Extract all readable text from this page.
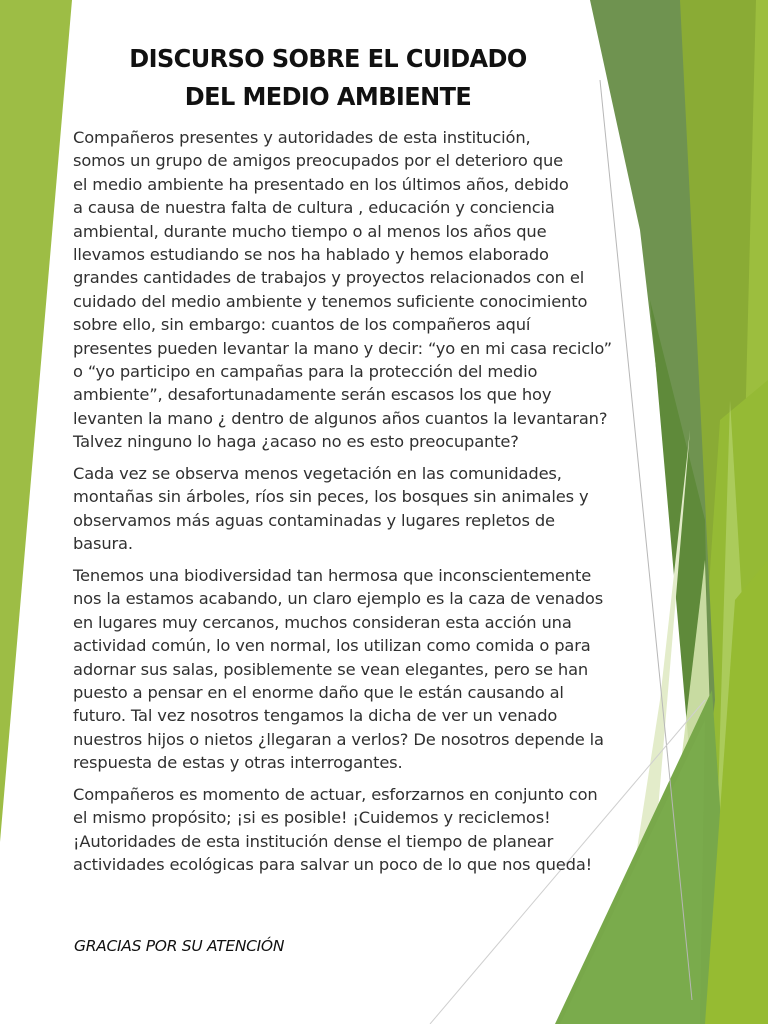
DISCURSO SOBRE EL CUIDADO
DEL MEDIO AMBIENTE
Compañeros presentes y autoridades de esta institución,
somos un grupo de amigos preocupados por el deterioro que
el medio ambiente ha presentado en los últimos años, debido
a causa de nuestra falta de cultura , educación y conciencia
ambiental, durante mucho tiempo o al menos los años que
llevamos estudiando se nos ha hablado y hemos elaborado
grandes cantidades de trabajos y proyectos relacionados con el
cuidado del medio ambiente y tenemos suficiente conocimiento
sobre ello, sin embargo: cuantos de los compañeros aquí
presentes pueden levantar la mano y decir: “yo en mi casa reciclo”
o “yo participo en campañas para la protección del medio
ambiente”, desafortunadamente serán escasos los que hoy
levanten la mano ¿ dentro de algunos años cuantos la levantaran?
Talvez ninguno lo haga ¿acaso no es esto preocupante?
Cada vez se observa menos vegetación en las comunidades,
montañas sin árboles, ríos sin peces, los bosques sin animales y
observamos más aguas contaminadas y lugares repletos de
basura.
Tenemos una biodiversidad tan hermosa que inconscientemente
nos la estamos acabando, un claro ejemplo es la caza de venados
en lugares muy cercanos, muchos consideran esta acción una
actividad común, lo ven normal, los utilizan como comida o para
adornar sus salas, posiblemente se vean elegantes, pero se han
puesto a pensar en el enorme daño que le están causando al
futuro. Tal vez nosotros tengamos la dicha de ver un venado
nuestros hijos o nietos ¿llegaran a verlos? De nosotros depende la
respuesta de estas y otras interrogantes.
Compañeros es momento de actuar, esforzarnos en conjunto con
el mismo propósito; ¡si es posible! ¡Cuidemos y reciclemos!
¡Autoridades de esta institución dense el tiempo de planear
actividades ecológicas para salvar un poco de lo que nos queda!
GRACIAS POR SU ATENCIÓN
